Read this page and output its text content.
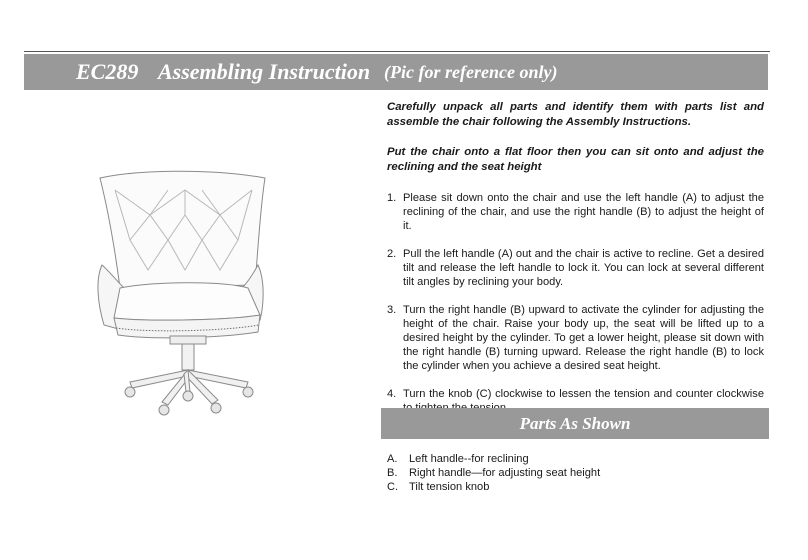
EC289 Assembling Instruction (Pic for reference only)

Carefully unpack all parts and identify them with parts list and assemble the chair following the Assembly Instructions.

Put the chair onto a flat floor then you can sit onto and adjust the reclining and the seat height

1. Please sit down onto the chair and use the left handle (A) to adjust the reclining of the chair, and use the right handle (B) to adjust the height of it.
2. Pull the left handle (A) out and the chair is active to recline. Get a desired tilt and release the left handle to lock it. You can lock at several different tilt angles by reclining your body.
3. Turn the right handle (B) upward to activate the cylinder for adjusting the height of the chair. Raise your body up, the seat will be lifted up to a desired height by the cylinder. To get a lower height, please sit down with the right handle (B) turning upward. Release the right handle (B) to lock the cylinder when you achieve a desired seat height.
4. Turn the knob (C) clockwise to lessen the tension and counter clockwise
Parts As Shown
A. Left handle--for reclining
B. Right handle—for adjusting seat height
C. Tilt tension knob
